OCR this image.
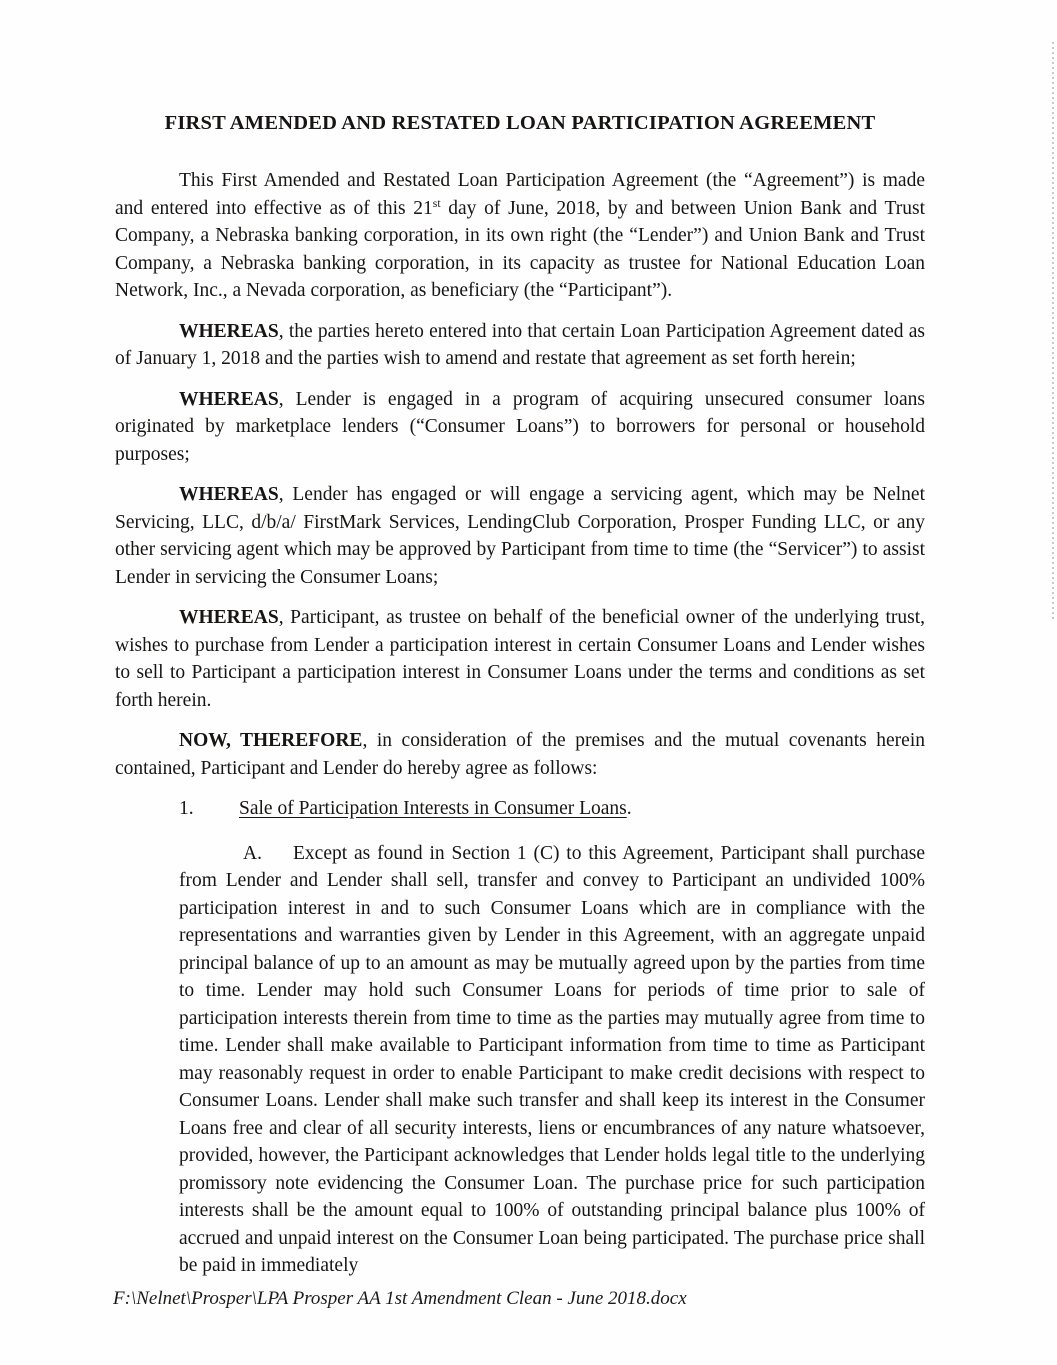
FIRST AMENDED AND RESTATED LOAN PARTICIPATION AGREEMENT

This First Amended and Restated Loan Participation Agreement (the “Agreement”) is made and entered into effective as of this 21st day of June, 2018, by and between Union Bank and Trust Company, a Nebraska banking corporation, in its own right (the “Lender”) and Union Bank and Trust Company, a Nebraska banking corporation, in its capacity as trustee for National Education Loan Network, Inc., a Nevada corporation, as beneficiary (the “Participant”).

WHEREAS, the parties hereto entered into that certain Loan Participation Agreement dated as of January 1, 2018 and the parties wish to amend and restate that agreement as set forth herein;

WHEREAS, Lender is engaged in a program of acquiring unsecured consumer loans originated by marketplace lenders (“Consumer Loans”) to borrowers for personal or household purposes;

WHEREAS, Lender has engaged or will engage a servicing agent, which may be Nelnet Servicing, LLC, d/b/a/ FirstMark Services, LendingClub Corporation, Prosper Funding LLC, or any other servicing agent which may be approved by Participant from time to time (the “Servicer”) to assist Lender in servicing the Consumer Loans;

WHEREAS, Participant, as trustee on behalf of the beneficial owner of the underlying trust, wishes to purchase from Lender a participation interest in certain Consumer Loans and Lender wishes to sell to Participant a participation interest in Consumer Loans under the terms and conditions as set forth herein.

NOW, THEREFORE, in consideration of the premises and the mutual covenants herein contained, Participant and Lender do hereby agree as follows:

1. Sale of Participation Interests in Consumer Loans.

A. Except as found in Section 1 (C) to this Agreement, Participant shall purchase from Lender and Lender shall sell, transfer and convey to Participant an undivided 100% participation interest in and to such Consumer Loans which are in compliance with the representations and warranties given by Lender in this Agreement, with an aggregate unpaid principal balance of up to an amount as may be mutually agreed upon by the parties from time to time. Lender may hold such Consumer Loans for periods of time prior to sale of participation interests therein from time to time as the parties may mutually agree from time to time. Lender shall make available to Participant information from time to time as Participant may reasonably request in order to enable Participant to make credit decisions with respect to Consumer Loans. Lender shall make such transfer and shall keep its interest in the Consumer Loans free and clear of all security interests, liens or encumbrances of any nature whatsoever, provided, however, the Participant acknowledges that Lender holds legal title to the underlying promissory note evidencing the Consumer Loan. The purchase price for such participation interests shall be the amount equal to 100% of outstanding principal balance plus 100% of accrued and unpaid interest on the Consumer Loan being participated. The purchase price shall be paid in immediately

F:\Nelnet\Prosper\LPA Prosper AA 1st Amendment Clean - June 2018.docx
